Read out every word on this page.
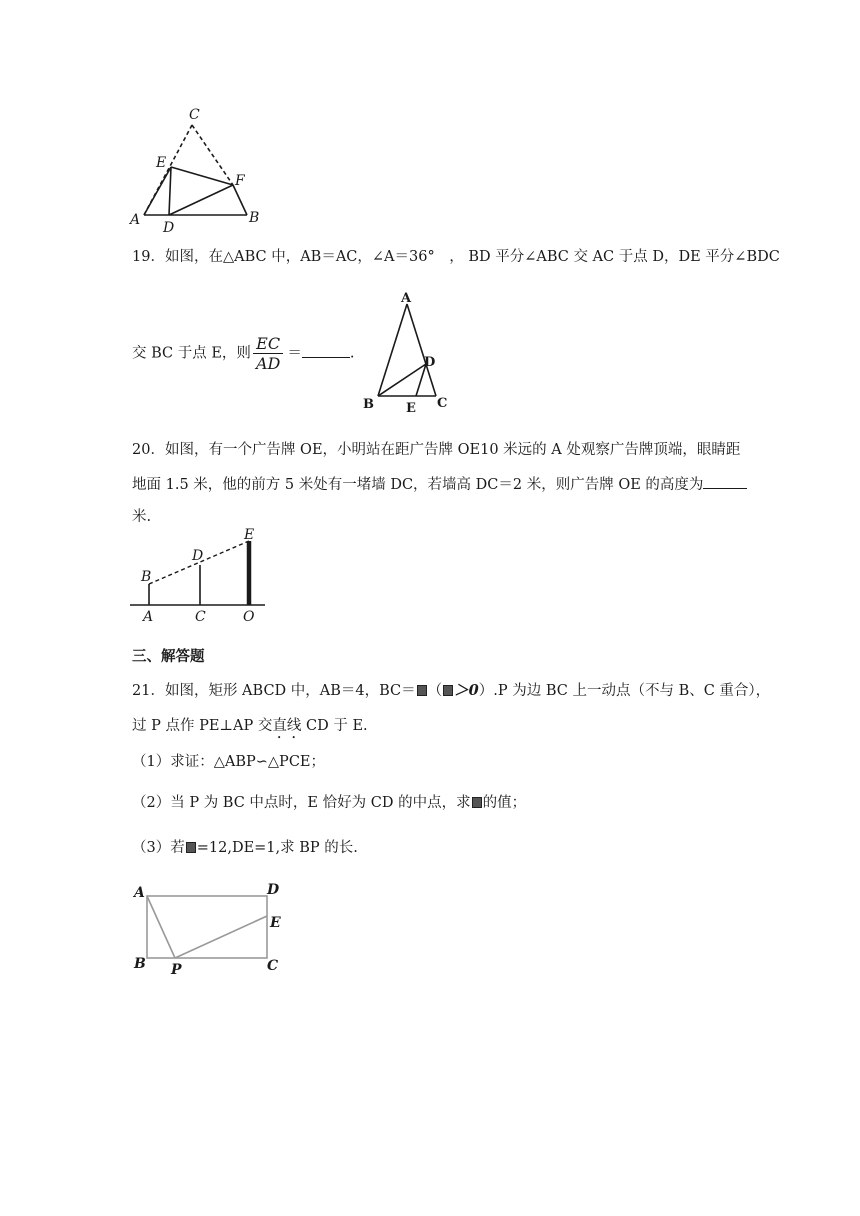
C
E
F
A D
B
19．如图，在△ABC 中，AB＝AC，∠A＝36°　， BD 平分∠ABC 交 AC 于点 D，DE 平分∠BDC
交 BC 于点 E，则 $\frac{EC}{AD}$ ＝	.
A
D
B E C
20．如图，有一个广告牌 OE，小明站在距广告牌 OE10 米远的 A 处观察广告牌顶端，眼睛距
地面 1.5 米，他的前方 5 米处有一堵墙 DC，若墙高 DC＝2 米，则广告牌 OE 的高度为
米.
E
D
B
A	C	O
三、解答题
21．如图，矩形 ABCD 中，AB＝4，BC＝ （ ＞0）.P 为边 BC 上一动点（不与 B、C 重合），
过 P 点作 PE⊥AP 交直线 CD 于 E.
（1）求证：△ABP∽△PCE；
（2）当 P 为 BC 中点时，E 恰好为 CD 的中点，求 的值；
（3）若 =12,DE=1,求 BP 的长.
A	D
E
B P	C
